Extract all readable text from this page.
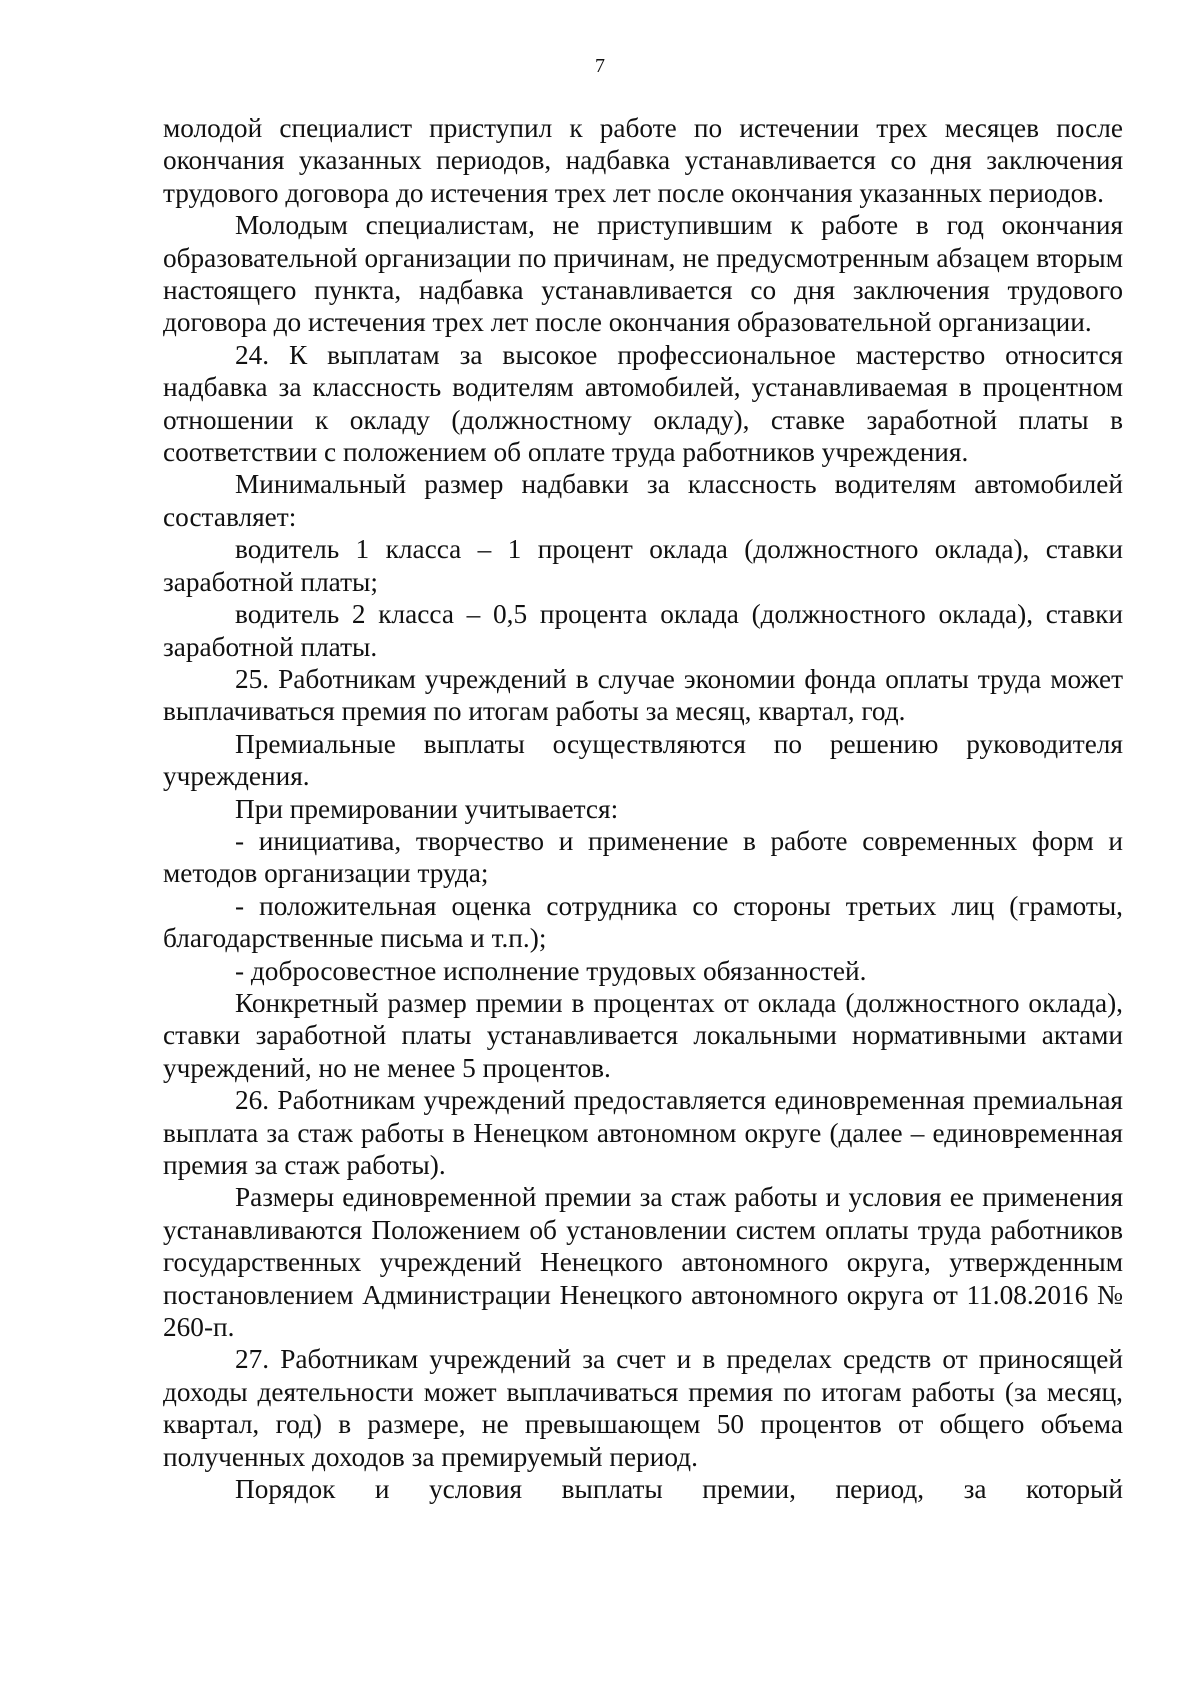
7

молодой специалист приступил к работе по истечении трех месяцев после окончания указанных периодов, надбавка устанавливается со дня заключения трудового договора до истечения трех лет после окончания указанных периодов.

Молодым специалистам, не приступившим к работе в год окончания образовательной организации по причинам, не предусмотренным абзацем вторым настоящего пункта, надбавка устанавливается со дня заключения трудового договора до истечения трех лет после окончания образовательной организации.

24. К выплатам за высокое профессиональное мастерство относится надбавка за классность водителям автомобилей, устанавливаемая в процентном отношении к окладу (должностному окладу), ставке заработной платы в соответствии с положением об оплате труда работников учреждения.

Минимальный размер надбавки за классность водителям автомобилей составляет:

водитель 1 класса – 1 процент оклада (должностного оклада), ставки заработной платы;

водитель 2 класса – 0,5 процента оклада (должностного оклада), ставки заработной платы.

25. Работникам учреждений в случае экономии фонда оплаты труда может выплачиваться премия по итогам работы за месяц, квартал, год.

Премиальные выплаты осуществляются по решению руководителя учреждения.

При премировании учитывается:

- инициатива, творчество и применение в работе современных форм и методов организации труда;

- положительная оценка сотрудника со стороны третьих лиц (грамоты, благодарственные письма и т.п.);

- добросовестное исполнение трудовых обязанностей.

Конкретный размер премии в процентах от оклада (должностного оклада), ставки заработной платы устанавливается локальными нормативными актами учреждений, но не менее 5 процентов.

26. Работникам учреждений предоставляется единовременная премиальная выплата за стаж работы в Ненецком автономном округе (далее – единовременная премия за стаж работы).

Размеры единовременной премии за стаж работы и условия ее применения устанавливаются Положением об установлении систем оплаты труда работников государственных учреждений Ненецкого автономного округа, утвержденным постановлением Администрации Ненецкого автономного округа от 11.08.2016 № 260-п.

27. Работникам учреждений за счет и в пределах средств от приносящей доходы деятельности может выплачиваться премия по итогам работы (за месяц, квартал, год) в размере, не превышающем 50 процентов от общего объема полученных доходов за премируемый период.

Порядок и условия выплаты премии, период, за который
